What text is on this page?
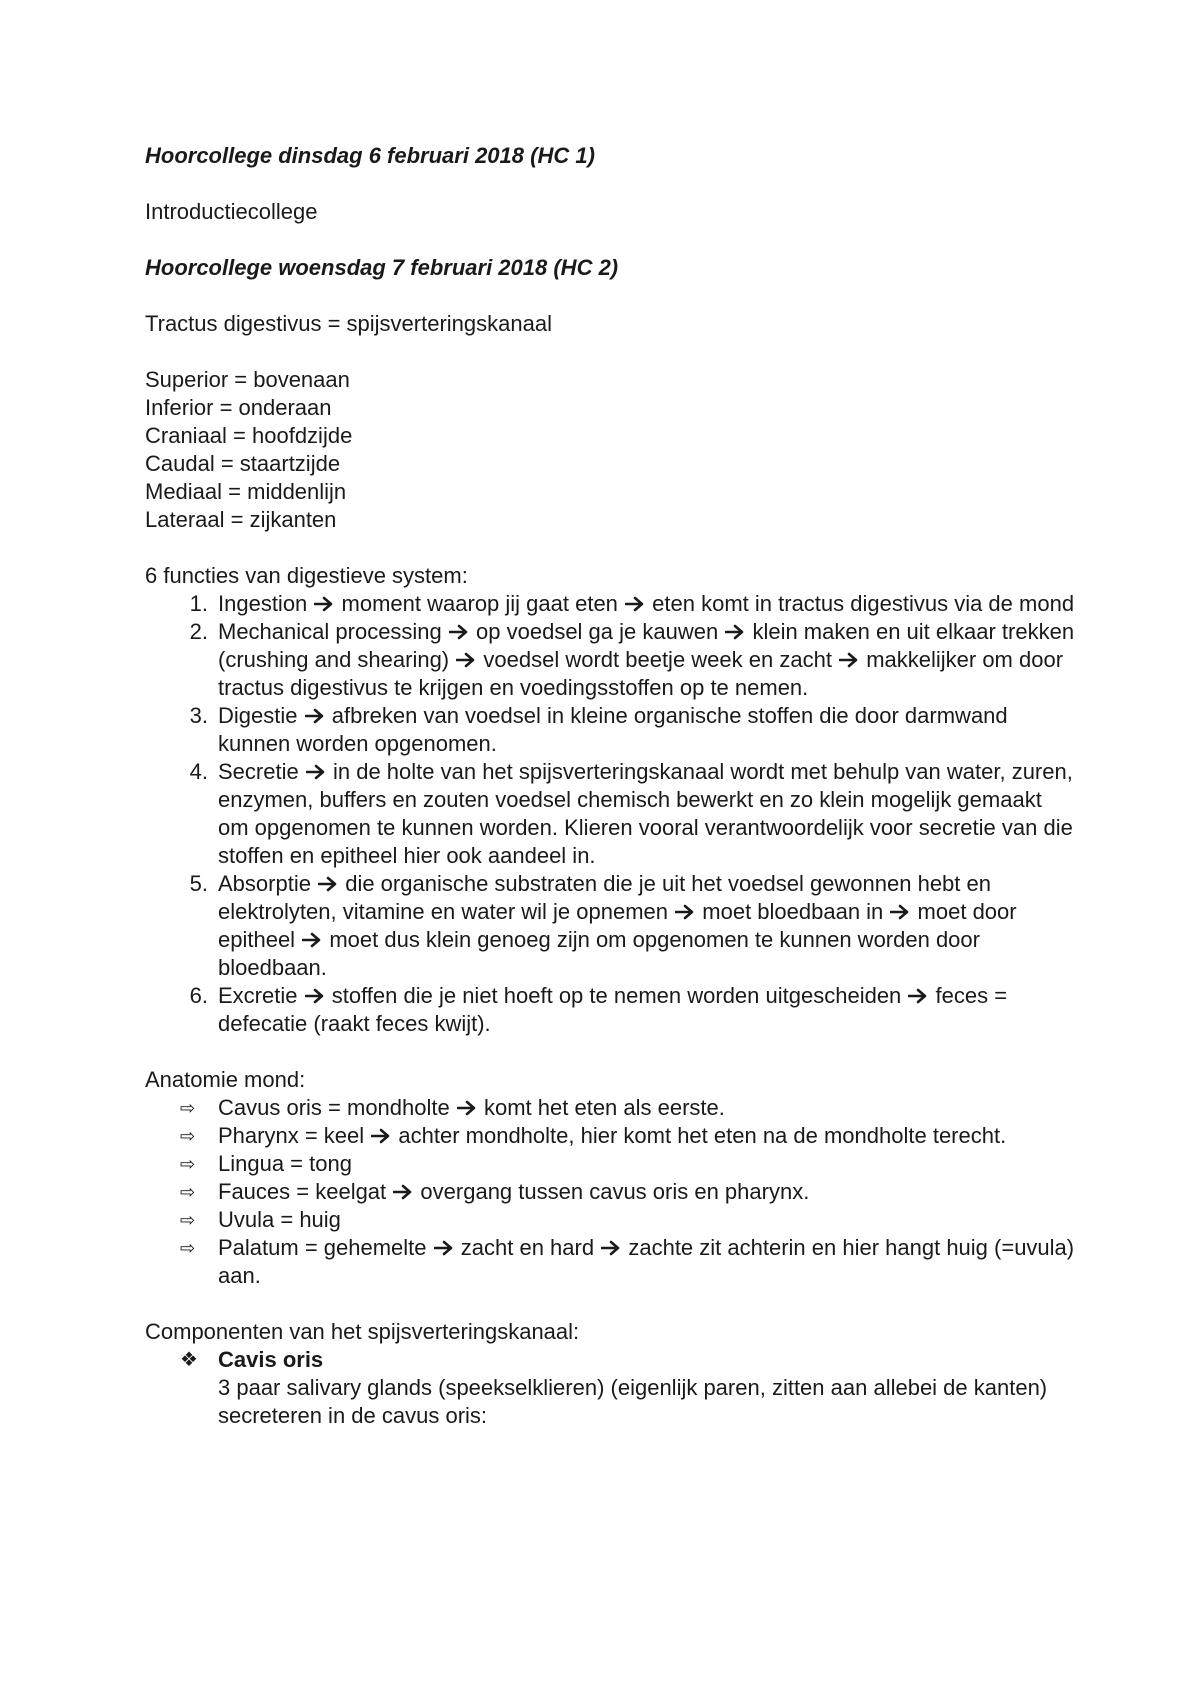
Hoorcollege dinsdag 6 februari 2018 (HC 1)

Introductiecollege

Hoorcollege woensdag 7 februari 2018 (HC 2)

Tractus digestivus = spijsverteringskanaal

Superior = bovenaan

Inferior = onderaan

Craniaal = hoofdzijde

Caudal = staartzijde

Mediaal = middenlijn

Lateraal = zijkanten

6 functies van digestieve system:

1 . Ingestion moment waarop jij gaat eten eten komt in tractus digestivus via de mond
2 . Mechanical processing op voedsel ga je kauwen klein maken en uit elkaar trekken (crushing and shearing) voedsel wordt beetje week en zacht makkelijker om door tractus digestivus te krijgen en voedingsstoffen op te nemen.
3 . Digestie afbreken van voedsel in kleine organische stoffen die door darmwand kunnen worden opgenomen.
4 . Secretie in de holte van het spijsverteringskanaal wordt met behulp van water, zuren, enzymen, buffers en zouten voedsel chemisch bewerkt en zo klein mogelijk gemaakt om opgenomen te kunnen worden. Klieren vooral verantwoordelijk voor secretie van die stoffen en epitheel hier ook aandeel in.
5 . Absorptie die organische substraten die je uit het voedsel gewonnen hebt en elektrolyten, vitamine en water wil je opnemen moet bloedbaan in moet door epitheel moet dus klein genoeg zijn om opgenomen te kunnen worden door bloedbaan.
6 . Excretie stoffen die je niet hoeft op te nemen worden uitgescheiden feces = defecatie (raakt feces kwijt).

Anatomie mond:

⇨ Cavus oris = mondholte komt het eten als eerste.
⇨ Pharynx = keel achter mondholte, hier komt het eten na de mondholte terecht.
⇨ Lingua = tong
⇨ Fauces = keelgat overgang tussen cavus oris en pharynx.
⇨ Uvula = huig
⇨ Palatum = gehemelte zacht en hard zachte zit achterin en hier hangt huig (=uvula) aan.

Componenten van het spijsverteringskanaal:

❖ Cavis oris
3 paar salivary glands (speekselklieren) (eigenlijk paren, zitten aan allebei de kanten) secreteren in de cavus oris:
